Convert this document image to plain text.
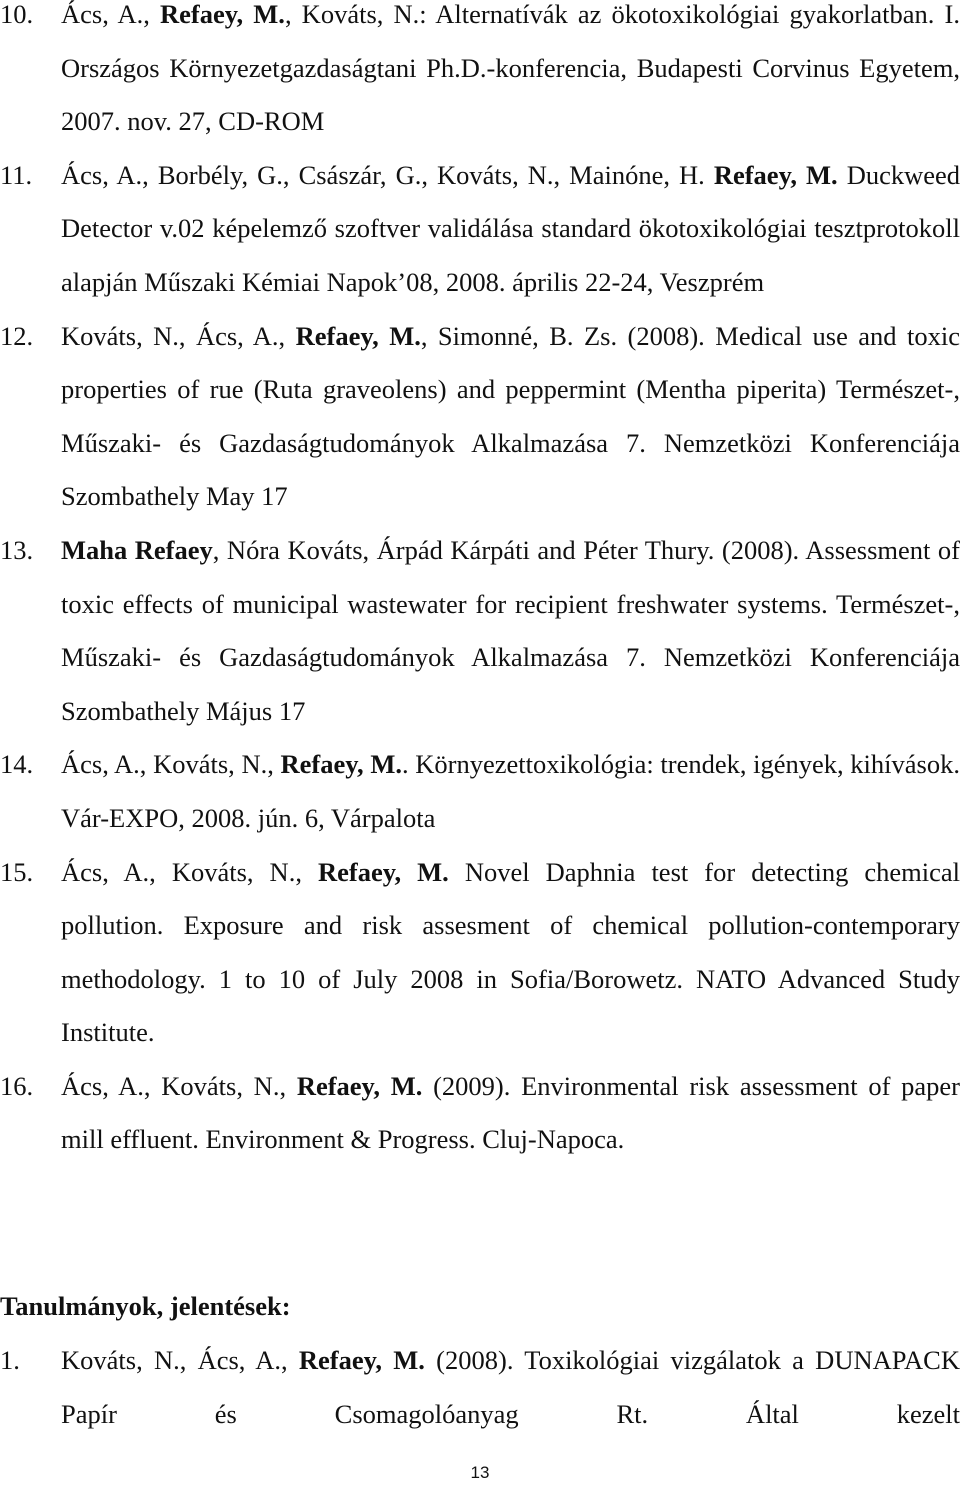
10.	Ács, A., Refaey, M., Kováts, N.: Alternatívák az ökotoxikológiai gyakorlatban. I. Országos Környezetgazdaságtani Ph.D.-konferencia, Budapesti Corvinus Egyetem, 2007. nov. 27, CD-ROM
11.	Ács, A., Borbély, G., Császár, G., Kováts, N., Mainóne, H. Refaey, M. Duckweed Detector v.02 képelemző szoftver validálása standard ökotoxikológiai tesztprotokoll alapján Műszaki Kémiai Napok’08, 2008. április 22-24, Veszprém
12.	Kováts, N., Ács, A., Refaey, M., Simonné, B. Zs. (2008). Medical use and toxic properties of rue (Ruta graveolens) and peppermint (Mentha piperita) Természet-, Műszaki- és Gazdaságtudományok Alkalmazása 7. Nemzetközi Konferenciája Szombathely May 17
13.	Maha Refaey, Nóra Kováts, Árpád Kárpáti and Péter Thury. (2008). Assessment of toxic effects of municipal wastewater for recipient freshwater systems. Természet-, Műszaki- és Gazdaságtudományok Alkalmazása 7. Nemzetközi Konferenciája Szombathely Május 17
14.	Ács, A., Kováts, N., Refaey, M.. Környezettoxikológia: trendek, igények, kihívások. Vár-EXPO, 2008. jún. 6, Várpalota
15.	Ács, A., Kováts, N., Refaey, M. Novel Daphnia test for detecting chemical pollution. Exposure and risk assesment of chemical pollution-contemporary methodology. 1 to 10 of July 2008 in Sofia/Borowetz. NATO Advanced Study Institute.
16.	Ács, A., Kováts, N., Refaey, M. (2009). Environmental risk assessment of paper mill effluent. Environment & Progress. Cluj-Napoca.
Tanulmányok, jelentések:
1.	Kováts, N., Ács, A., Refaey, M. (2008). Toxikológiai vizgálatok a DUNAPACK Papír és Csomagolóanyag Rt. Által kezelt
13
